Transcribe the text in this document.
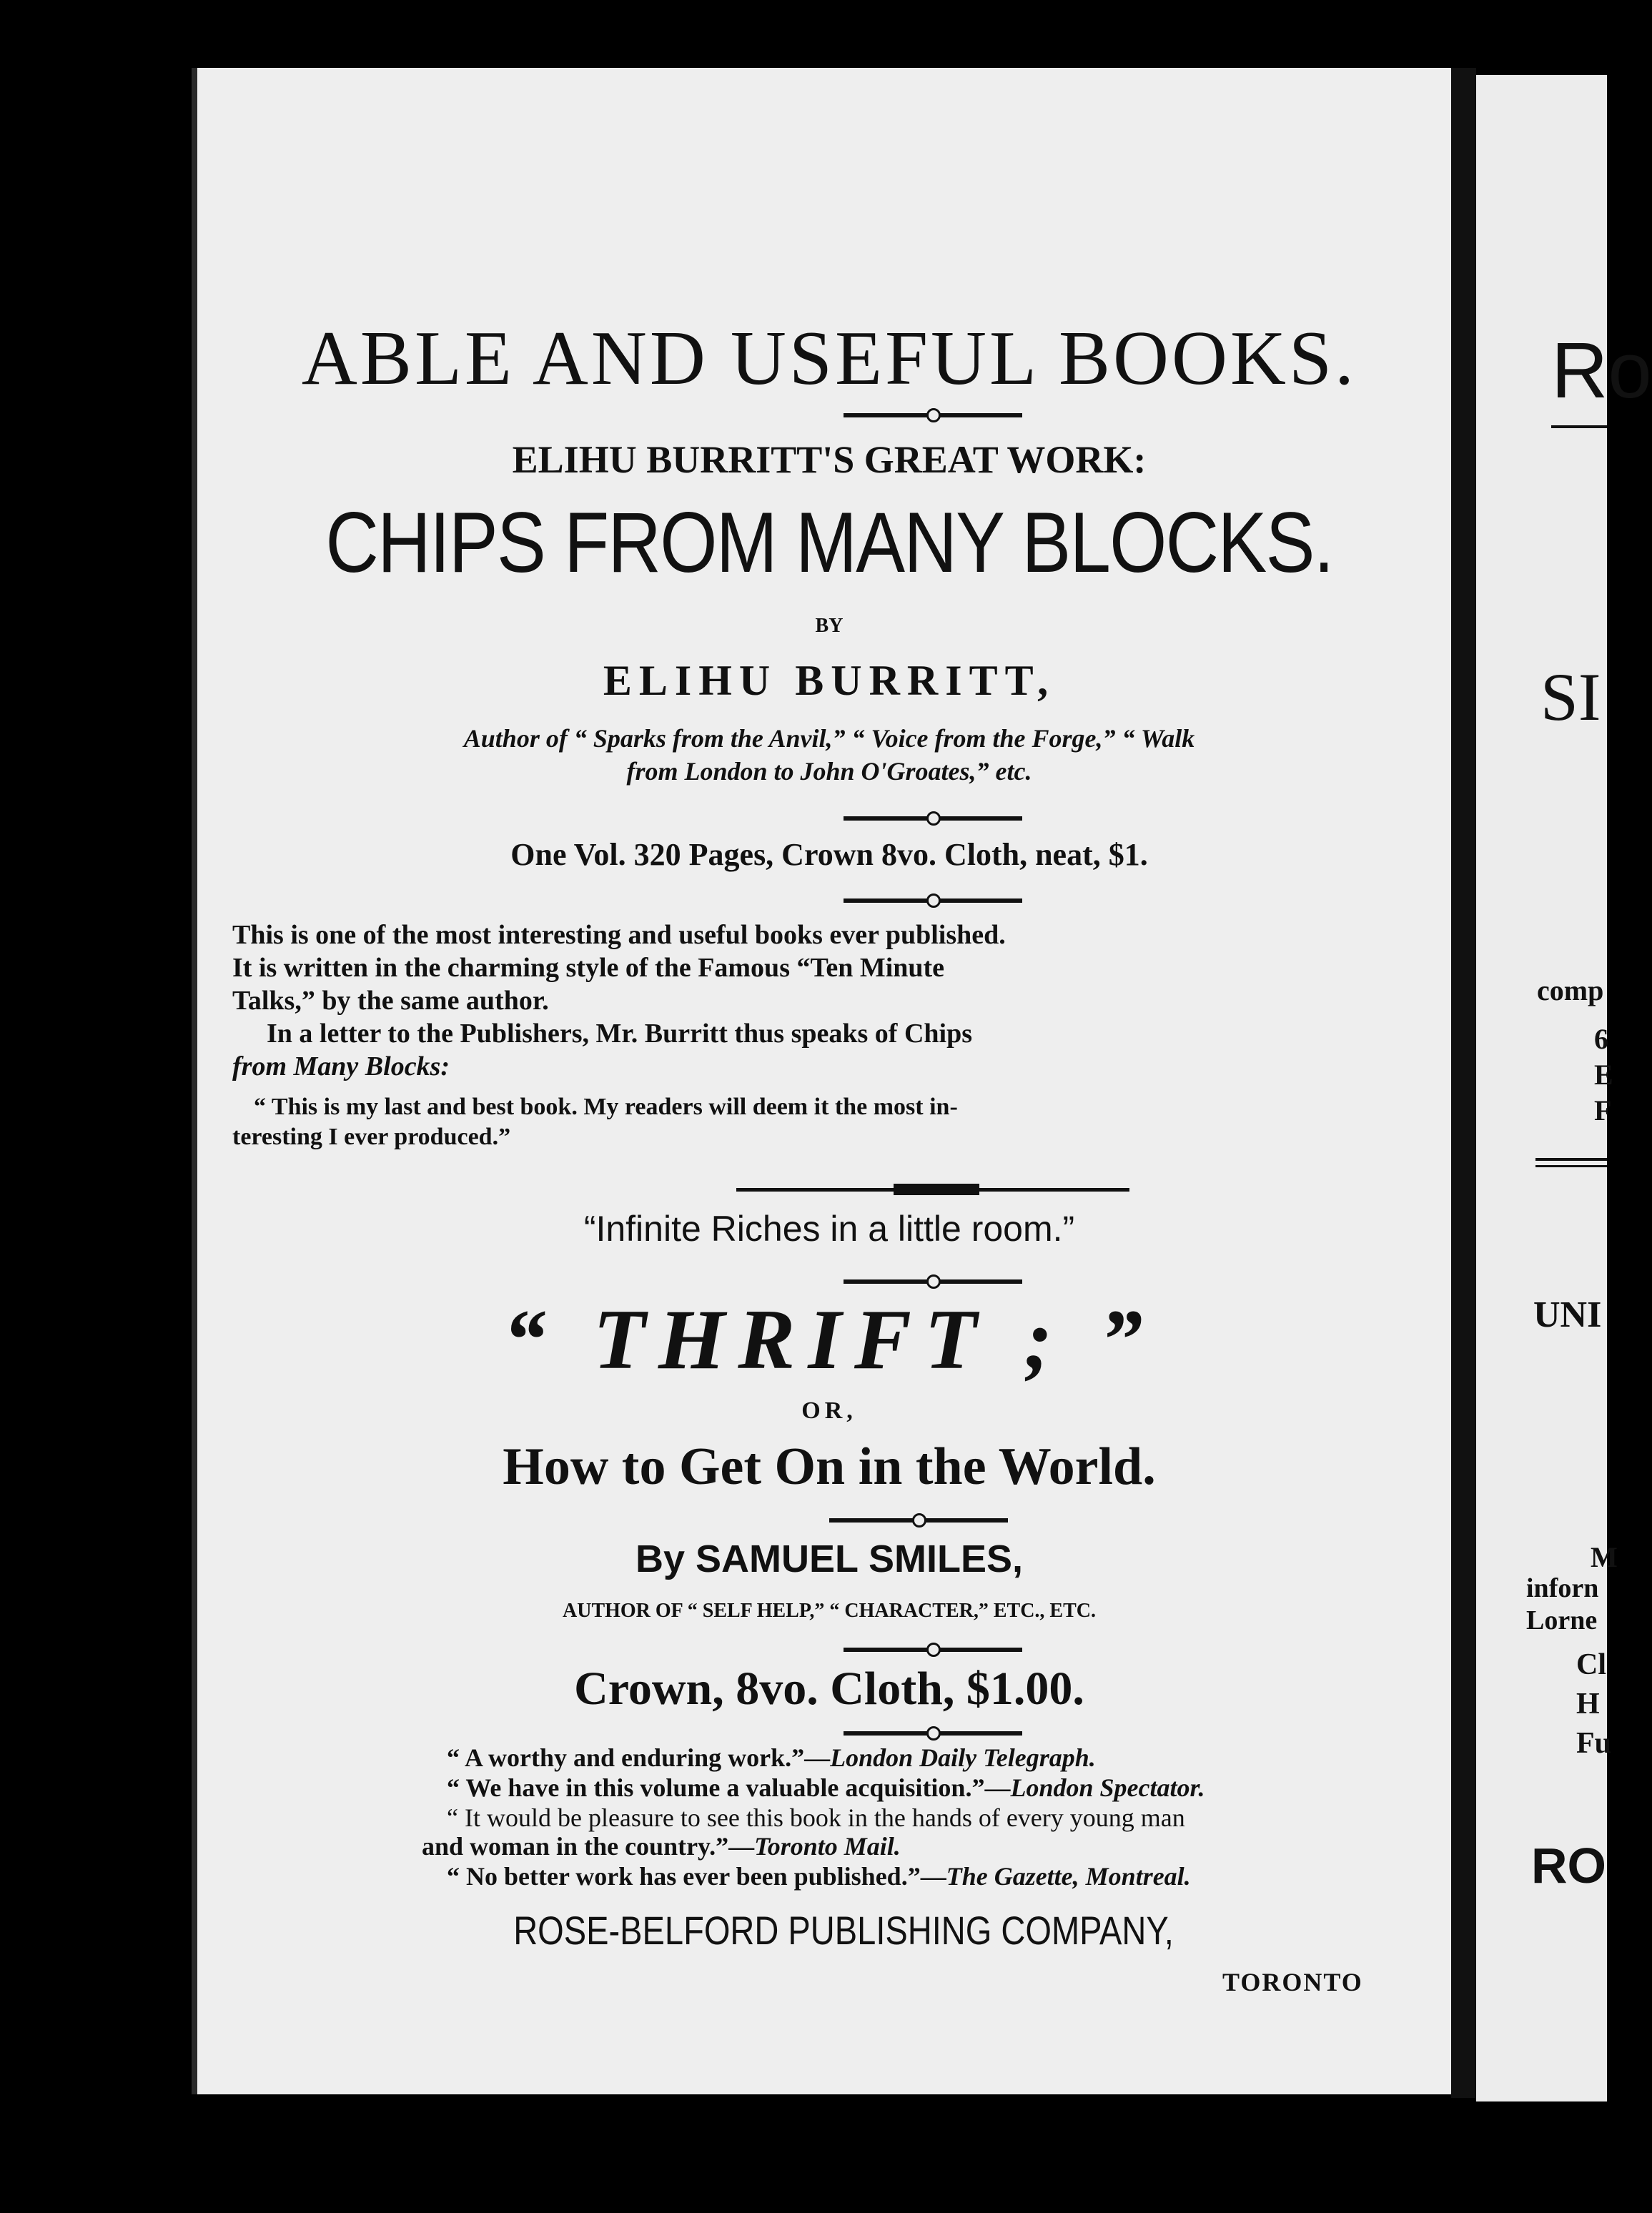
ABLE AND USEFUL BOOKS.
ELIHU BURRITT'S GREAT WORK:
CHIPS FROM MANY BLOCKS.
BY
ELIHU BURRITT,
Author of “ Sparks from the Anvil,” “ Voice from the Forge,” “ Walk
from London to John O'Groates,” etc.
One Vol. 320 Pages, Crown 8vo. Cloth, neat, $1.
This is one of the most interesting and useful books ever published.
It is written in the charming style of the Famous “Ten Minute
Talks,” by the same author.
In a letter to the Publishers, Mr. Burritt thus speaks of Chips
from Many Blocks:
“ This is my last and best book. My readers will deem it the most in-
teresting I ever produced.”
“Infinite Riches in a little room.”
“ THRIFT ; ”
OR,
How to Get On in the World.
By SAMUEL SMILES,
AUTHOR OF “ SELF HELP,” “ CHARACTER,” ETC., ETC.
Crown, 8vo. Cloth, $1.00.
“ A worthy and enduring work.”—London Daily Telegraph.
“ We have in this volume a valuable acquisition.”—London Spectator.
“ It would be pleasure to see this book in the hands of every young man
and woman in the country.”—Toronto Mail.
“ No better work has ever been published.”—The Gazette, Montreal.
ROSE-BELFORD PUBLISHING COMPANY,
TORONTO
Ro
SI
comp
6
E
F
UNI
M
inforn
Lorne
Cl
H
Fu
RO
